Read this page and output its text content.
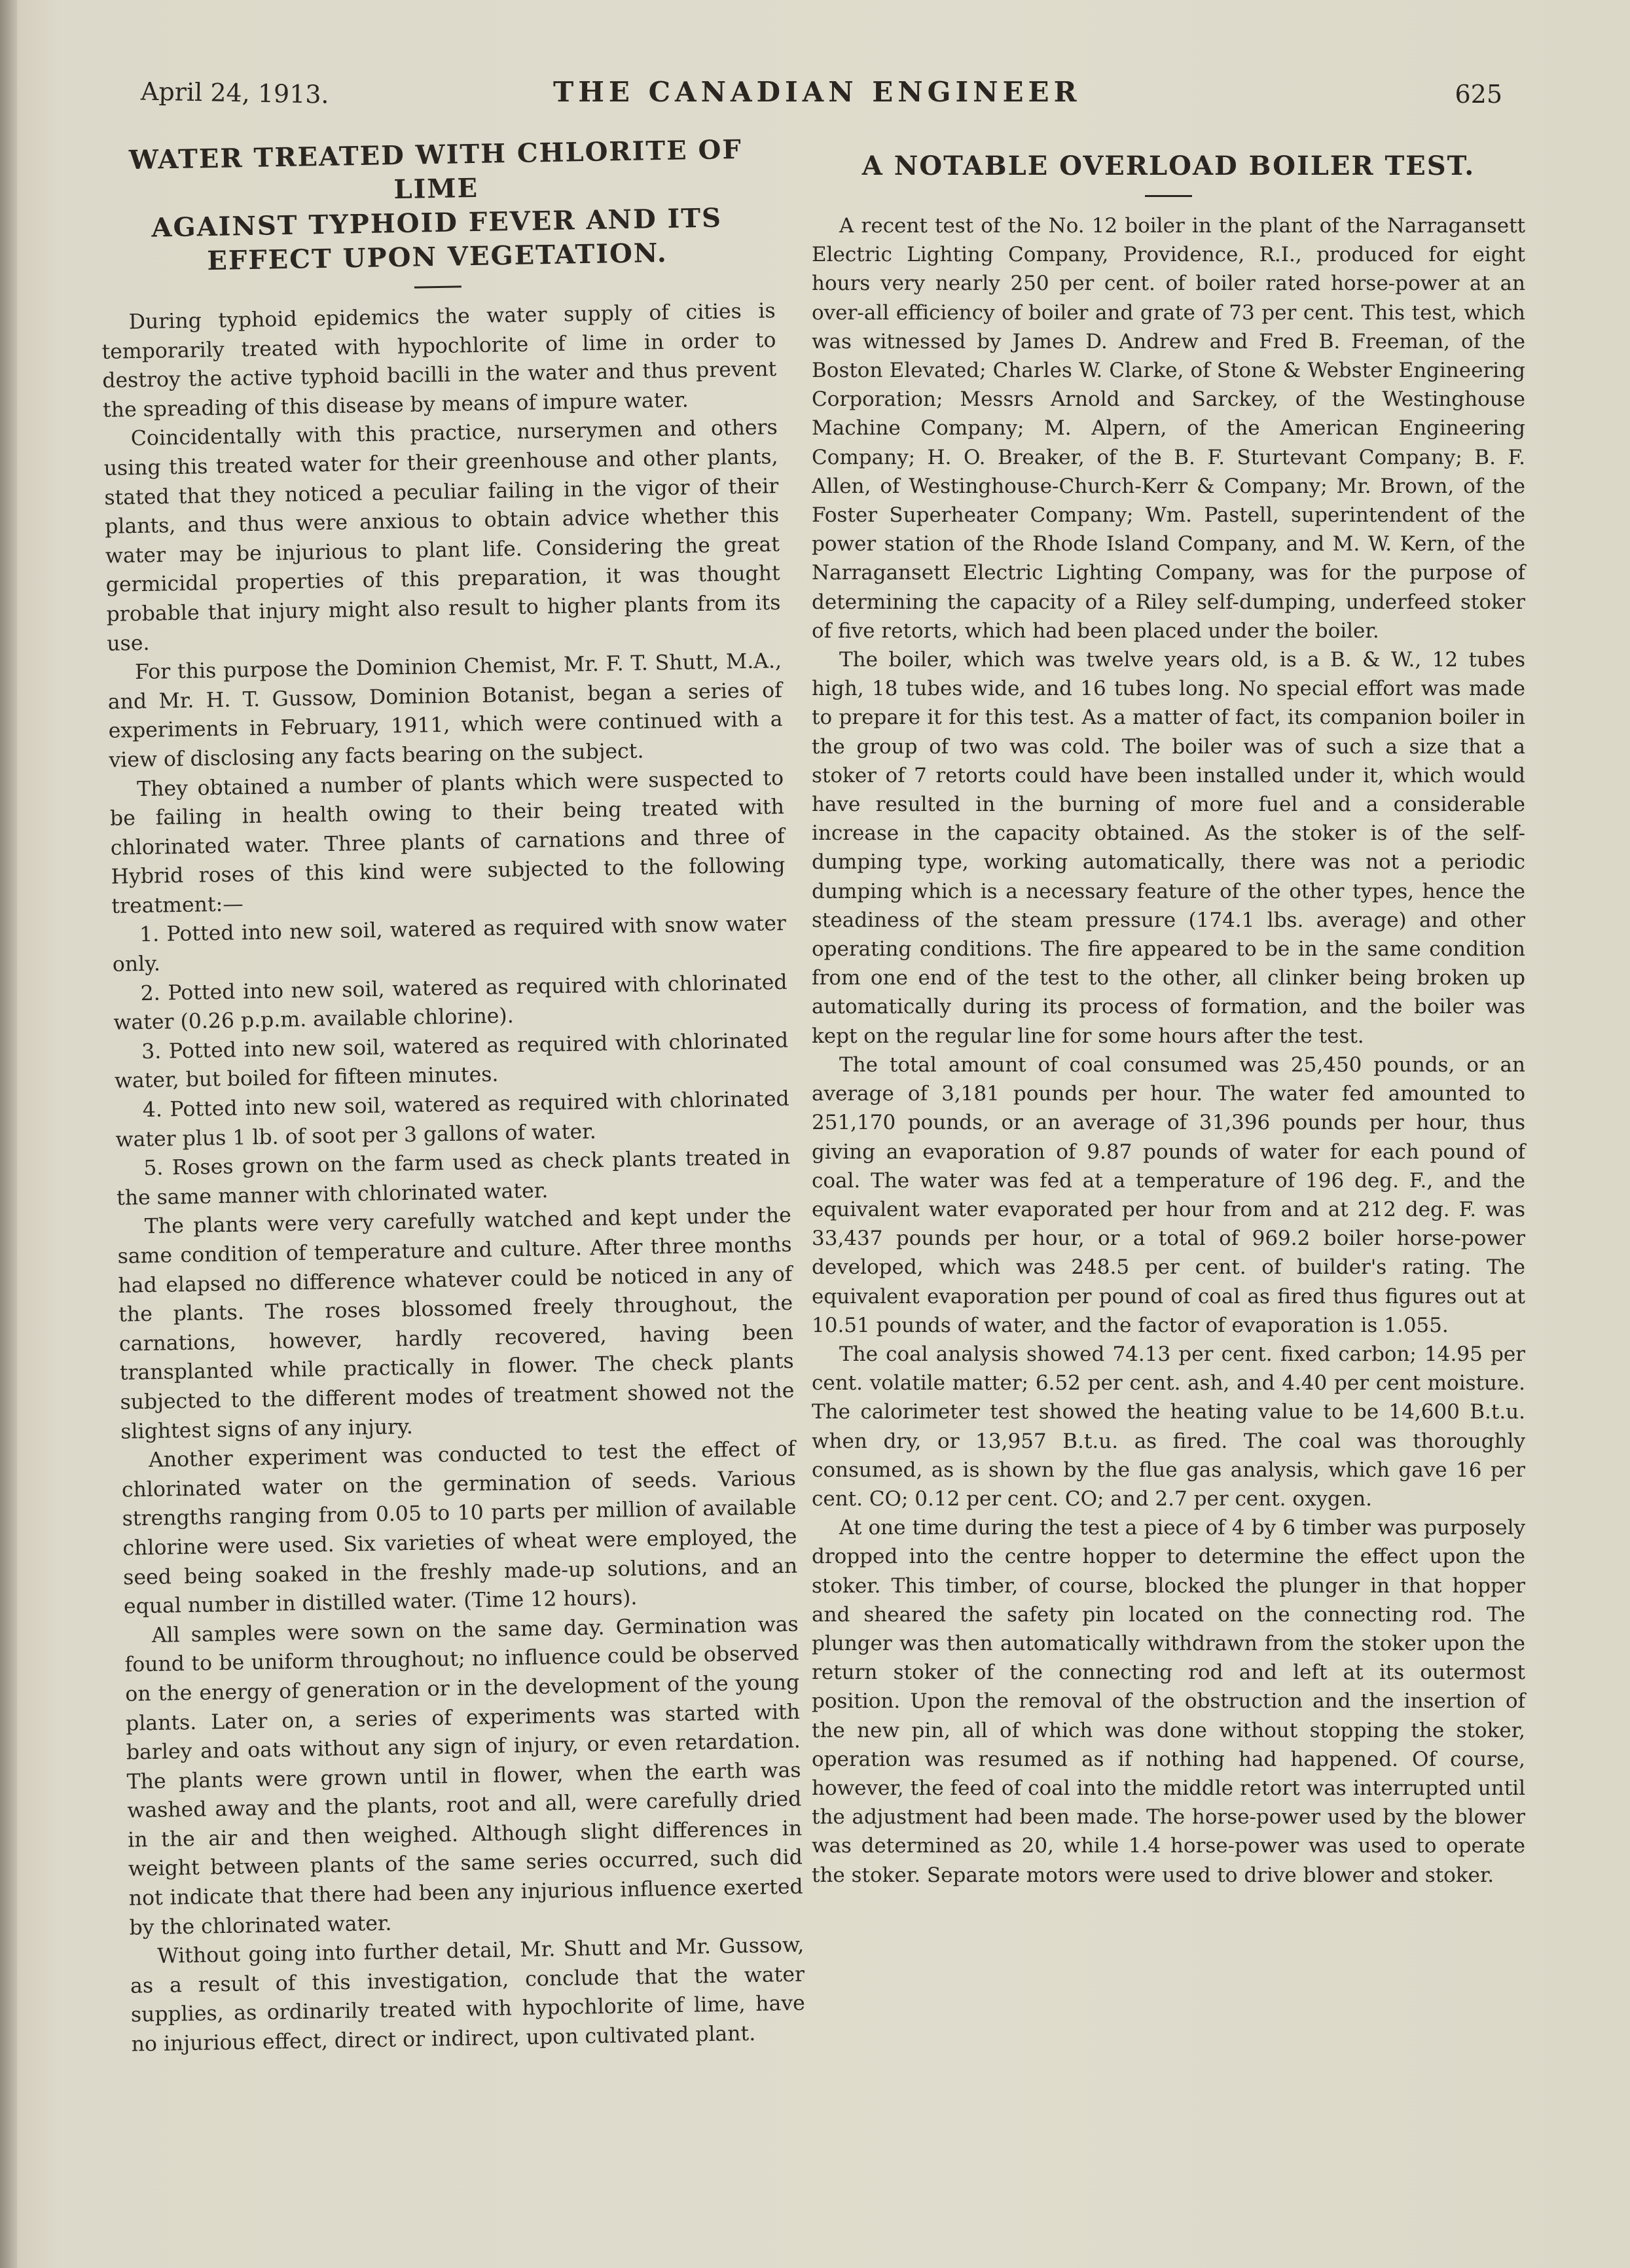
April 24, 1913.	THE CANADIAN ENGINEER	625
WATER TREATED WITH CHLORITE OF LIME
AGAINST TYPHOID FEVER AND ITS
EFFECT UPON VEGETATION.

During typhoid epidemics the water supply of cities is temporarily treated with hypochlorite of lime in order to destroy the active typhoid bacilli in the water and thus prevent the spreading of this disease by means of impure water.

Coincidentally with this practice, nurserymen and others using this treated water for their greenhouse and other plants, stated that they noticed a peculiar failing in the vigor of their plants, and thus were anxious to obtain advice whether this water may be injurious to plant life. Considering the great germicidal properties of this preparation, it was thought probable that injury might also result to higher plants from its use.

For this purpose the Dominion Chemist, Mr. F. T. Shutt, M.A., and Mr. H. T. Gussow, Dominion Botanist, began a series of experiments in February, 1911, which were continued with a view of disclosing any facts bearing on the subject.

They obtained a number of plants which were suspected to be failing in health owing to their being treated with chlorinated water. Three plants of carnations and three of Hybrid roses of this kind were subjected to the following treatment:—

1. Potted into new soil, watered as required with snow water only.

2. Potted into new soil, watered as required with chlorinated water (0.26 p.p.m. available chlorine).

3. Potted into new soil, watered as required with chlorinated water, but boiled for fifteen minutes.

4. Potted into new soil, watered as required with chlorinated water plus 1 lb. of soot per 3 gallons of water.

5. Roses grown on the farm used as check plants treated in the same manner with chlorinated water.

The plants were very carefully watched and kept under the same condition of temperature and culture. After three months had elapsed no difference whatever could be noticed in any of the plants. The roses blossomed freely throughout, the carnations, however, hardly recovered, having been transplanted while practically in flower. The check plants subjected to the different modes of treatment showed not the slightest signs of any injury.

Another experiment was conducted to test the effect of chlorinated water on the germination of seeds. Various strengths ranging from 0.05 to 10 parts per million of available chlorine were used. Six varieties of wheat were employed, the seed being soaked in the freshly made-up solutions, and an equal number in distilled water. (Time 12 hours).

All samples were sown on the same day. Germination was found to be uniform throughout; no influence could be observed on the energy of generation or in the development of the young plants. Later on, a series of experiments was started with barley and oats without any sign of injury, or even retardation. The plants were grown until in flower, when the earth was washed away and the plants, root and all, were carefully dried in the air and then weighed. Although slight differences in weight between plants of the same series occurred, such did not indicate that there had been any injurious influence exerted by the chlorinated water.

Without going into further detail, Mr. Shutt and Mr. Gussow, as a result of this investigation, conclude that the water supplies, as ordinarily treated with hypochlorite of lime, have no injurious effect, direct or indirect, upon cultivated plant.

A NOTABLE OVERLOAD BOILER TEST.

A recent test of the No. 12 boiler in the plant of the Narragansett Electric Lighting Company, Providence, R.I., produced for eight hours very nearly 250 per cent. of boiler rated horse-power at an over-all efficiency of boiler and grate of 73 per cent. This test, which was witnessed by James D. Andrew and Fred B. Freeman, of the Boston Elevated; Charles W. Clarke, of Stone & Webster Engineering Corporation; Messrs Arnold and Sarckey, of the Westinghouse Machine Company; M. Alpern, of the American Engineering Company; H. O. Breaker, of the B. F. Sturtevant Company; B. F. Allen, of Westinghouse-Church-Kerr & Company; Mr. Brown, of the Foster Superheater Company; Wm. Pastell, superintendent of the power station of the Rhode Island Company, and M. W. Kern, of the Narragansett Electric Lighting Company, was for the purpose of determining the capacity of a Riley self-dumping, underfeed stoker of five retorts, which had been placed under the boiler.

The boiler, which was twelve years old, is a B. & W., 12 tubes high, 18 tubes wide, and 16 tubes long. No special effort was made to prepare it for this test. As a matter of fact, its companion boiler in the group of two was cold. The boiler was of such a size that a stoker of 7 retorts could have been installed under it, which would have resulted in the burning of more fuel and a considerable increase in the capacity obtained. As the stoker is of the self-dumping type, working automatically, there was not a periodic dumping which is a necessary feature of the other types, hence the steadiness of the steam pressure (174.1 lbs. average) and other operating conditions. The fire appeared to be in the same condition from one end of the test to the other, all clinker being broken up automatically during its process of formation, and the boiler was kept on the regular line for some hours after the test.

The total amount of coal consumed was 25,450 pounds, or an average of 3,181 pounds per hour. The water fed amounted to 251,170 pounds, or an average of 31,396 pounds per hour, thus giving an evaporation of 9.87 pounds of water for each pound of coal. The water was fed at a temperature of 196 deg. F., and the equivalent water evaporated per hour from and at 212 deg. F. was 33,437 pounds per hour, or a total of 969.2 boiler horse-power developed, which was 248.5 per cent. of builder's rating. The equivalent evaporation per pound of coal as fired thus figures out at 10.51 pounds of water, and the factor of evaporation is 1.055.

The coal analysis showed 74.13 per cent. fixed carbon; 14.95 per cent. volatile matter; 6.52 per cent. ash, and 4.40 per cent moisture. The calorimeter test showed the heating value to be 14,600 B.t.u. when dry, or 13,957 B.t.u. as fired. The coal was thoroughly consumed, as is shown by the flue gas analysis, which gave 16 per cent. CO; 0.12 per cent. CO; and 2.7 per cent. oxygen.

At one time during the test a piece of 4 by 6 timber was purposely dropped into the centre hopper to determine the effect upon the stoker. This timber, of course, blocked the plunger in that hopper and sheared the safety pin located on the connecting rod. The plunger was then automatically withdrawn from the stoker upon the return stoker of the connecting rod and left at its outermost position. Upon the removal of the obstruction and the insertion of the new pin, all of which was done without stopping the stoker, operation was resumed as if nothing had happened. Of course, however, the feed of coal into the middle retort was interrupted until the adjustment had been made. The horse-power used by the blower was determined as 20, while 1.4 horse-power was used to operate the stoker. Separate motors were used to drive blower and stoker.
